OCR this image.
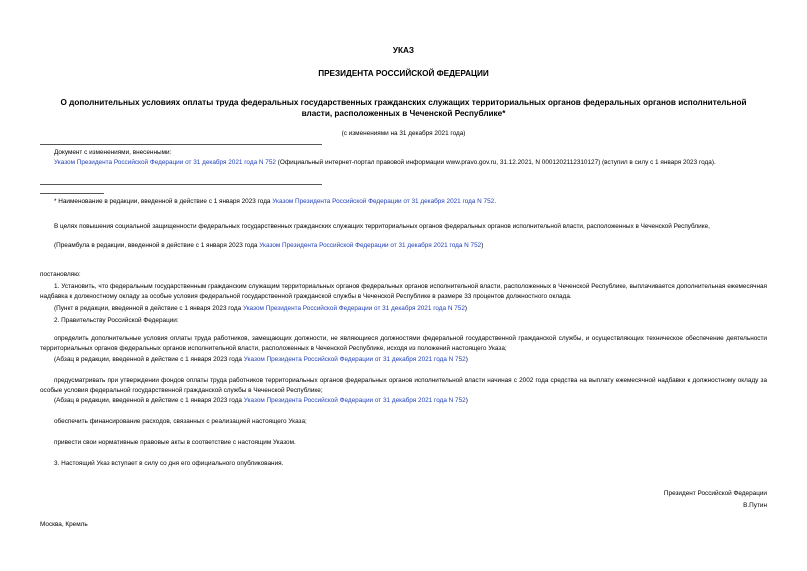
УКАЗ
ПРЕЗИДЕНТА РОССИЙСКОЙ ФЕДЕРАЦИИ
О дополнительных условиях оплаты труда федеральных государственных гражданских служащих территориальных органов федеральных органов исполнительной власти, расположенных в Чеченской Республике*
(с изменениями на 31 декабря 2021 года)
Документ с изменениями, внесенными:
Указом Президента Российской Федерации от 31 декабря 2021 года N 752 (Официальный интернет-портал правовой информации www.pravo.gov.ru, 31.12.2021, N 0001202112310127) (вступил в силу с 1 января 2023 года).
* Наименование в редакции, введенной в действие с 1 января 2023 года Указом Президента Российской Федерации от 31 декабря 2021 года N 752.
В целях повышения социальной защищенности федеральных государственных гражданских служащих территориальных органов федеральных органов исполнительной власти, расположенных в Чеченской Республике,
(Преамбула в редакции, введенной в действие с 1 января 2023 года Указом Президента Российской Федерации от 31 декабря 2021 года N 752)
постановляю:
1. Установить, что федеральным государственным гражданским служащим территориальных органов федеральных органов исполнительной власти, расположенных в Чеченской Республике, выплачивается дополнительная ежемесячная надбавка к должностному окладу за особые условия федеральной государственной гражданской службы в Чеченской Республике в размере 33 процентов должностного оклада.
(Пункт в редакции, введенной в действие с 1 января 2023 года Указом Президента Российской Федерации от 31 декабря 2021 года N 752)
2. Правительству Российской Федерации:
определить дополнительные условия оплаты труда работников, замещающих должности, не являющиеся должностями федеральной государственной гражданской службы, и осуществляющих техническое обеспечение деятельности территориальных органов федеральных органов исполнительной власти, расположенных в Чеченской Республике, исходя из положений настоящего Указа;
(Абзац в редакции, введенной в действие с 1 января 2023 года Указом Президента Российской Федерации от 31 декабря 2021 года N 752)
предусматривать при утверждении фондов оплаты труда работников территориальных органов федеральных органов исполнительной власти начиная с 2002 года средства на выплату ежемесячной надбавки к должностному окладу за особые условия федеральной государственной гражданской службы в Чеченской Республике;
(Абзац в редакции, введенной в действие с 1 января 2023 года Указом Президента Российской Федерации от 31 декабря 2021 года N 752)
обеспечить финансирование расходов, связанных с реализацией настоящего Указа;
привести свои нормативные правовые акты в соответствие с настоящим Указом.
3. Настоящий Указ вступает в силу со дня его официального опубликования.
Президент Российской Федерации
В.Путин
Москва, Кремль
